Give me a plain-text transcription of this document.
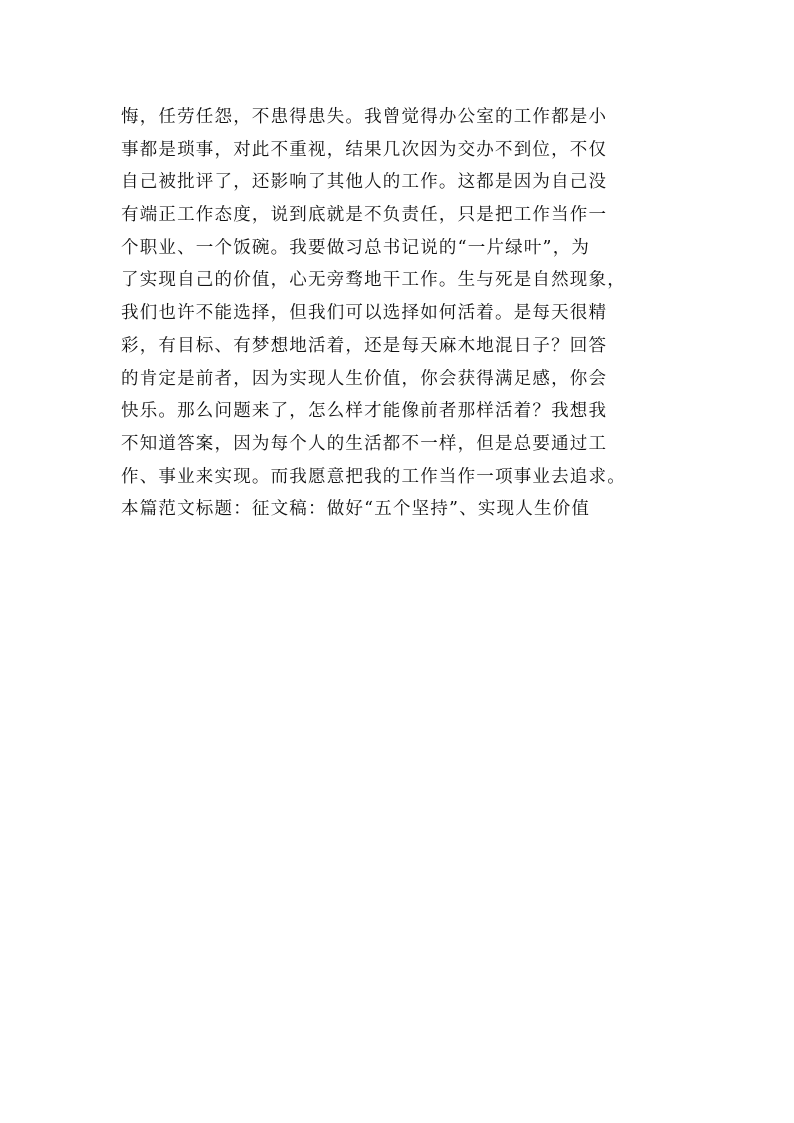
悔，任劳任怨，不患得患失。我曾觉得办公室的工作都是小
事都是琐事，对此不重视，结果几次因为交办不到位，不仅
自己被批评了，还影响了其他人的工作。这都是因为自己没
有端正工作态度，说到底就是不负责任，只是把工作当作一
个职业、一个饭碗。我要做习总书记说的“一片绿叶”，为
了实现自己的价值，心无旁骛地干工作。生与死是自然现象，
我们也许不能选择，但我们可以选择如何活着。是每天很精
彩，有目标、有梦想地活着，还是每天麻木地混日子？回答
的肯定是前者，因为实现人生价值，你会获得满足感，你会
快乐。那么问题来了，怎么样才能像前者那样活着？我想我
不知道答案，因为每个人的生活都不一样，但是总要通过工
作、事业来实现。而我愿意把我的工作当作一项事业去追求。
本篇范文标题：征文稿：做好“五个坚持”、实现人生价值
